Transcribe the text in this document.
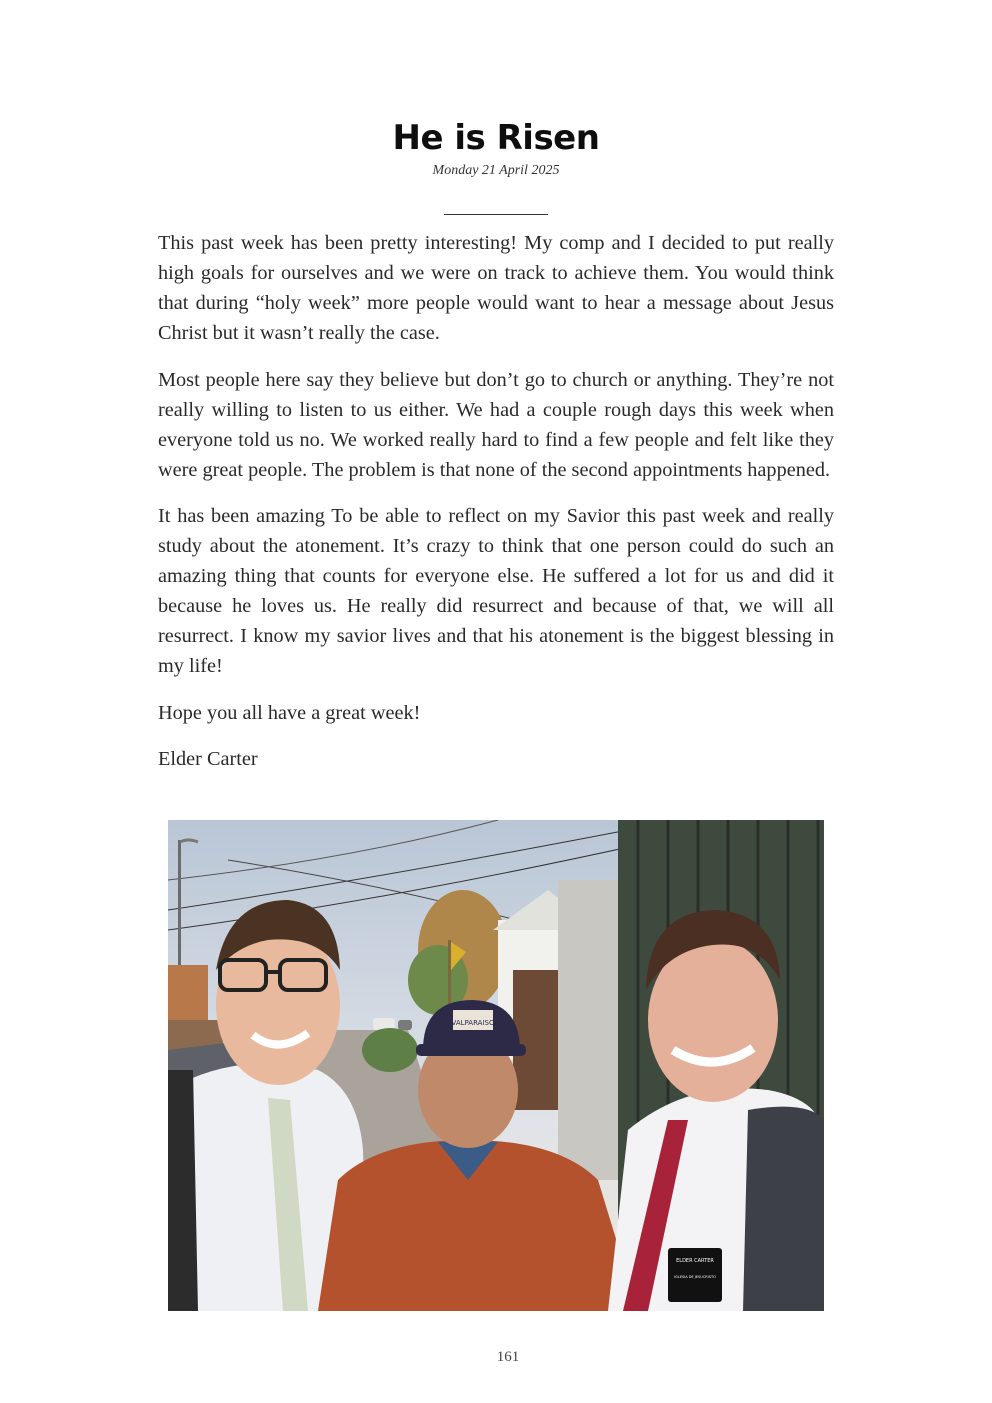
He is Risen
Monday 21 April 2025

This past week has been pretty interesting! My comp and I decided to put really high goals for ourselves and we were on track to achieve them. You would think that during “holy week” more people would want to hear a message about Jesus Christ but it wasn’t really the case.

Most people here say they believe but don’t go to church or anything. They’re not really willing to listen to us either. We had a couple rough days this week when everyone told us no. We worked really hard to find a few people and felt like they were great people. The problem is that none of the second appointments happened.

It has been amazing To be able to reflect on my Savior this past week and really study about the atonement. It’s crazy to think that one person could do such an amazing thing that counts for everyone else. He suffered a lot for us and did it because he loves us. He really did resurrect and because of that, we will all resurrect. I know my savior lives and that his atonement is the biggest blessing in my life!

Hope you all have a great week!

Elder Carter

VALPARAISO
ELDER CARTER
IGLESIA DE JESUCRISTO
161
